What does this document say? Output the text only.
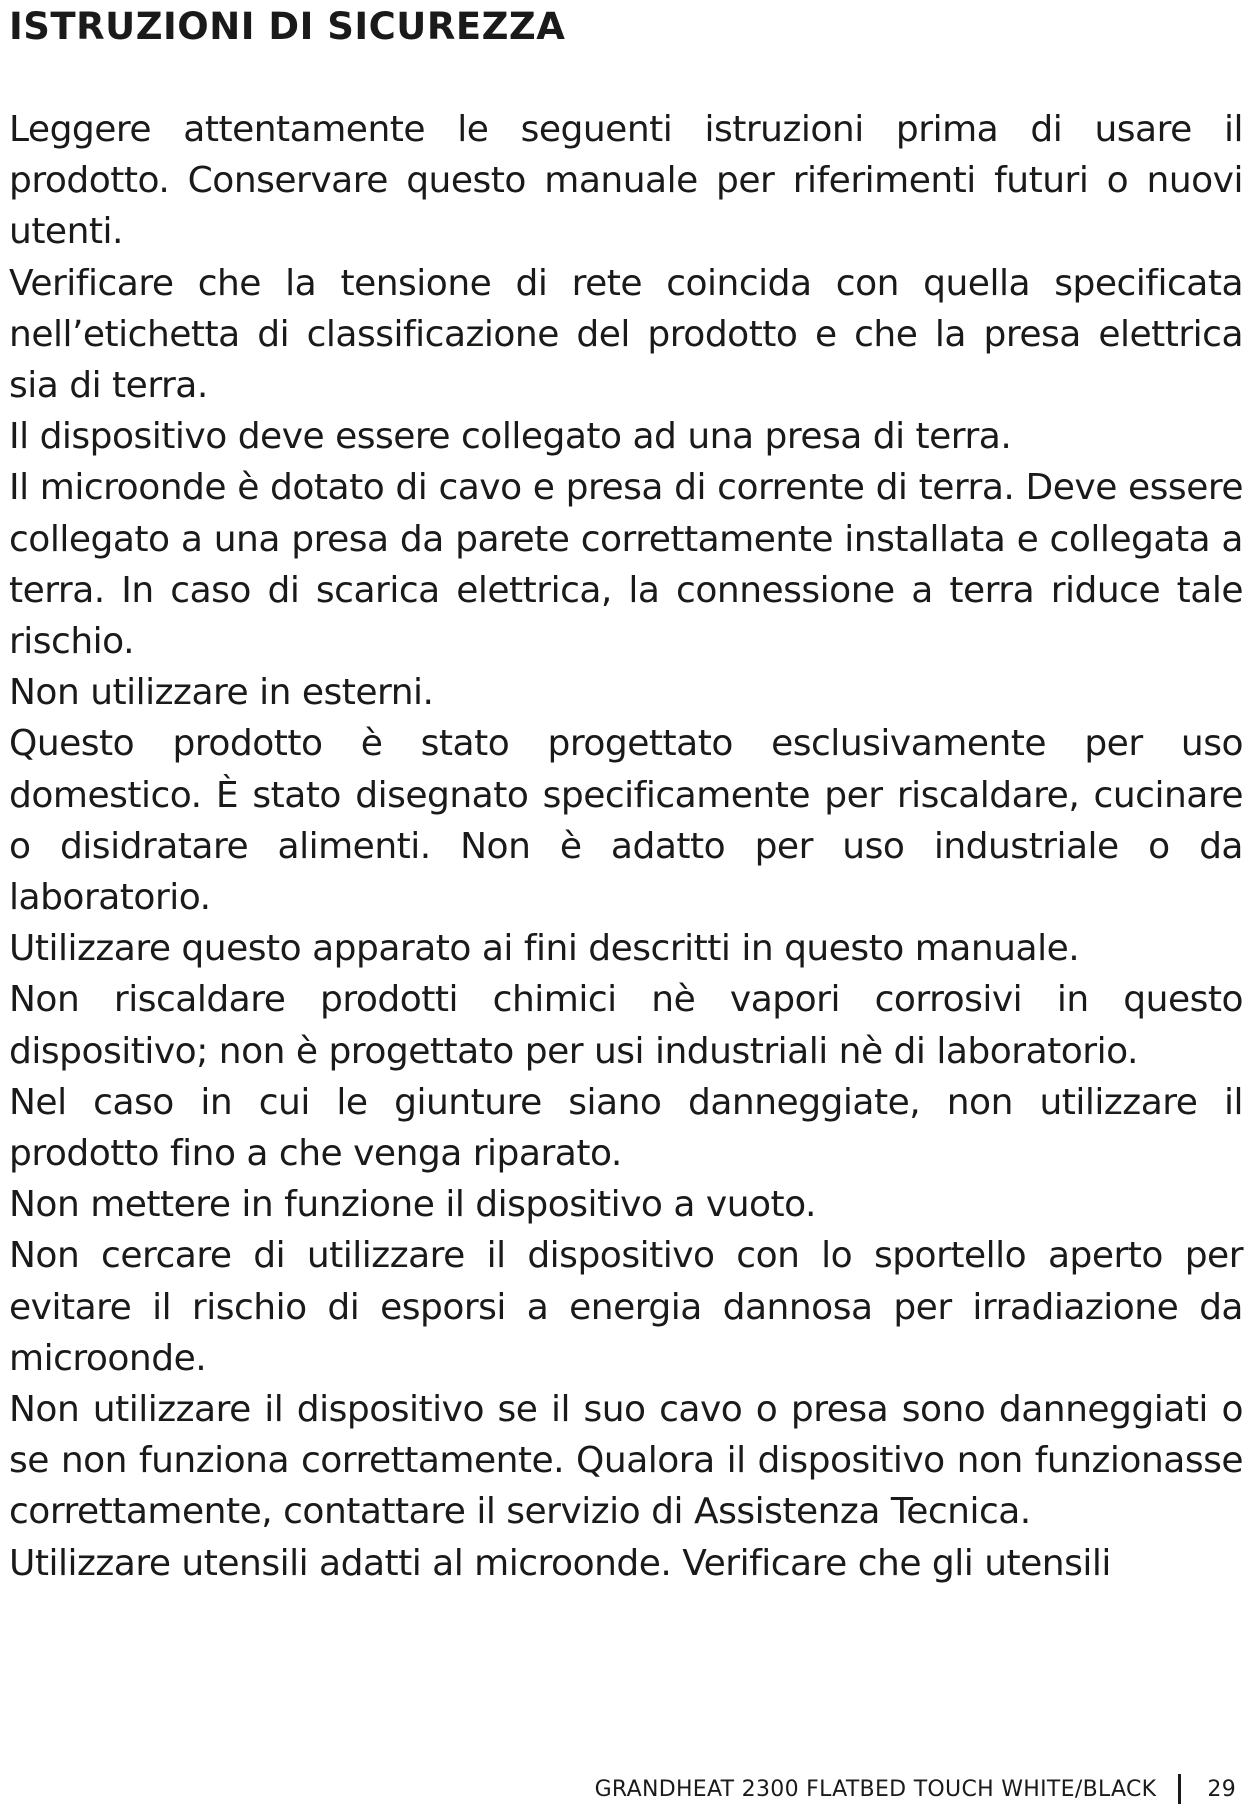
ISTRUZIONI DI SICUREZZA

Leggere attentamente le seguenti istruzioni prima di usare il prodotto. Conservare questo manuale per riferimenti futuri o nuovi utenti.

Verificare che la tensione di rete coincida con quella specificata nell’etichetta di classificazione del prodotto e che la presa elettrica sia di terra.

Il dispositivo deve essere collegato ad una presa di terra.

Il microonde è dotato di cavo e presa di corrente di terra. Deve essere collegato a una presa da parete correttamente installata e collegata a terra. In caso di scarica elettrica, la connessione a terra riduce tale rischio.

Non utilizzare in esterni.

Questo prodotto è stato progettato esclusivamente per uso domestico. È stato disegnato specificamente per riscaldare, cucinare o disidratare alimenti. Non è adatto per uso industriale o da laboratorio.

Utilizzare questo apparato ai fini descritti in questo manuale.

Non riscaldare prodotti chimici nè vapori corrosivi in questo dispositivo; non è progettato per usi industriali nè di laboratorio.

Nel caso in cui le giunture siano danneggiate, non utilizzare il prodotto fino a che venga riparato.

Non mettere in funzione il dispositivo a vuoto.

Non cercare di utilizzare il dispositivo con lo sportello aperto per evitare il rischio di esporsi a energia dannosa per irradiazione da microonde.

Non utilizzare il dispositivo se il suo cavo o presa sono danneggiati o se non funziona correttamente. Qualora il dispositivo non funzionasse correttamente, contattare il servizio di Assistenza Tecnica.

Utilizzare utensili adatti al microonde. Verificare che gli utensili

GRANDHEAT 2300 FLATBED TOUCH WHITE/BLACK 29
